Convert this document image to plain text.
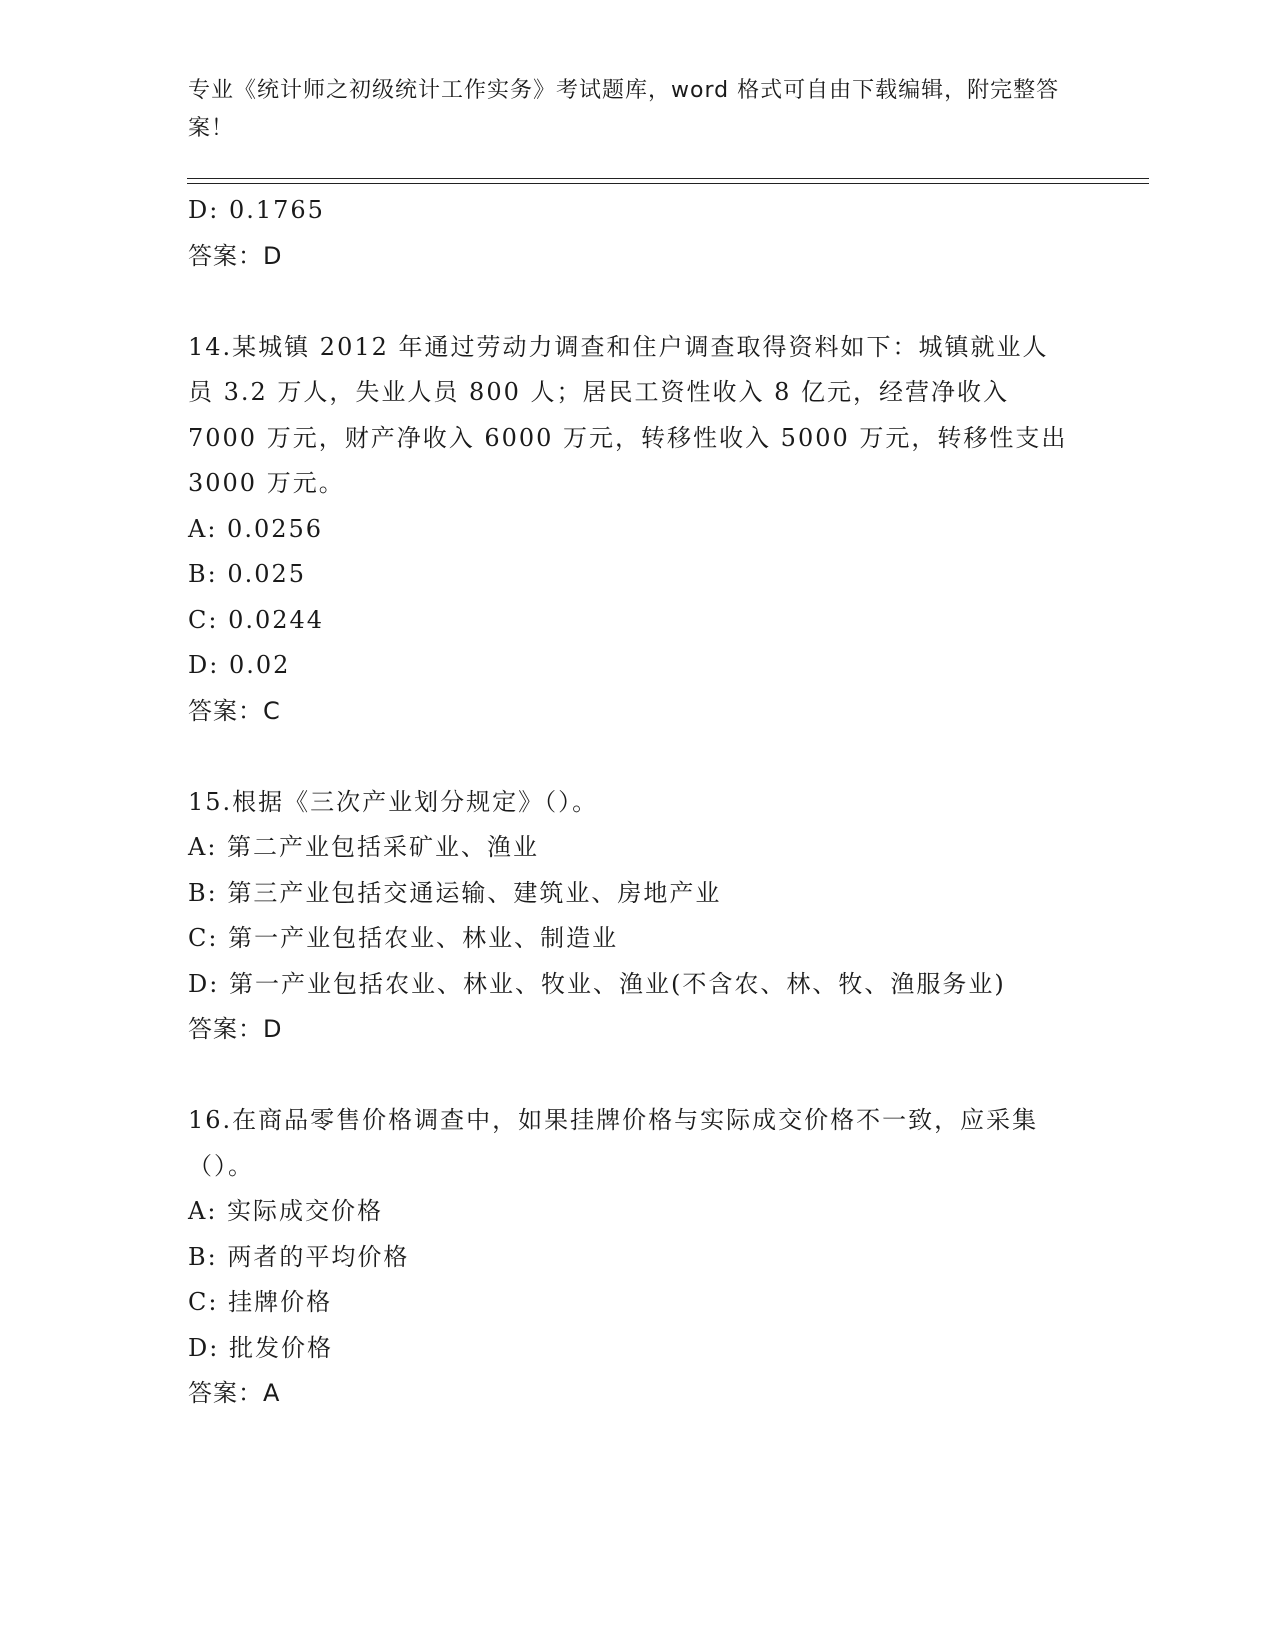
专业《统计师之初级统计工作实务》考试题库，word 格式可自由下载编辑，附完整答案！
D: 0.1765
答案：D
14.某城镇 2012 年通过劳动力调查和住户调查取得资料如下：城镇就业人员 3.2 万人，失业人员 800 人；居民工资性收入 8 亿元，经营净收入 7000 万元，财产净收入 6000 万元，转移性收入 5000 万元，转移性支出 3000 万元。
A: 0.0256
B: 0.025
C: 0.0244
D: 0.02
答案：C
15.根据《三次产业划分规定》（）。
A: 第二产业包括采矿业、渔业
B: 第三产业包括交通运输、建筑业、房地产业
C: 第一产业包括农业、林业、制造业
D: 第一产业包括农业、林业、牧业、渔业(不含农、林、牧、渔服务业)
答案：D
16.在商品零售价格调查中，如果挂牌价格与实际成交价格不一致，应采集（）。
A: 实际成交价格
B: 两者的平均价格
C: 挂牌价格
D: 批发价格
答案：A
